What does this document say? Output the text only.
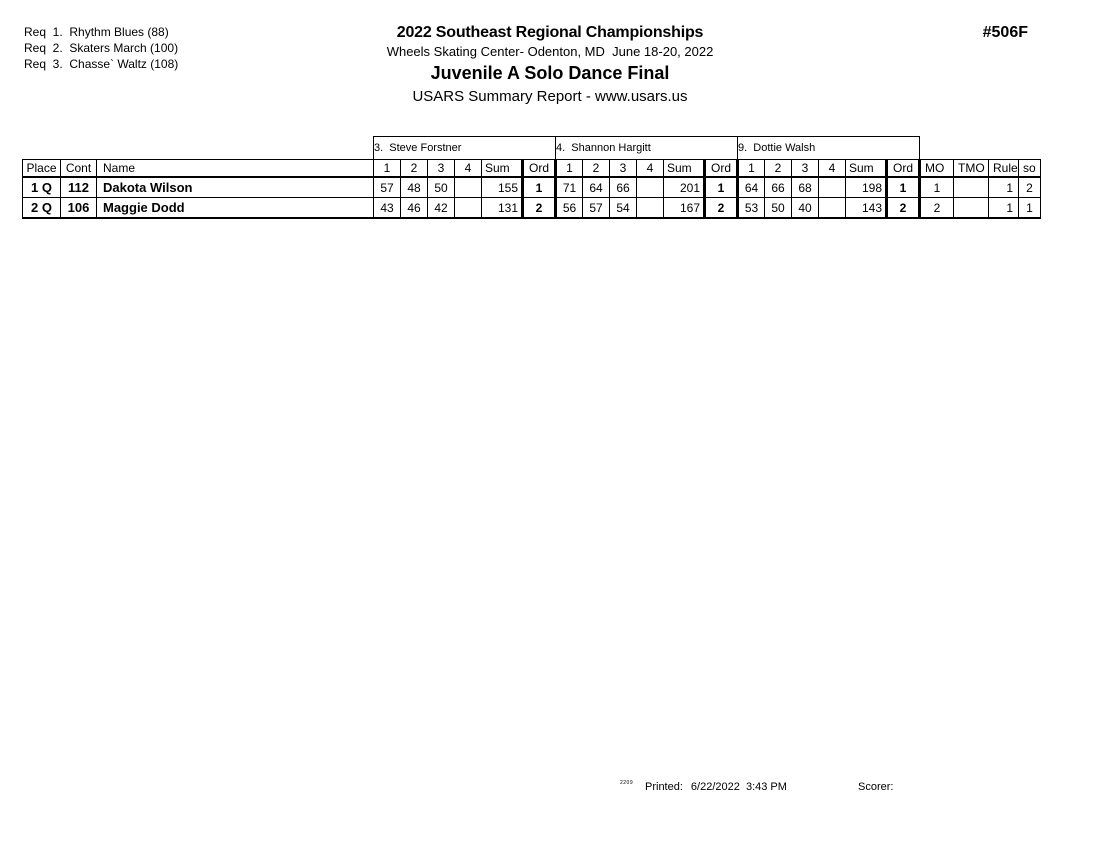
Req  1.  Rhythm Blues (88)
Req  2.  Skaters March (100)
Req  3.  Chasse` Waltz (108)
2022 Southeast Regional Championships
Wheels Skating Center- Odenton, MD  June 18-20, 2022
Juvenile A Solo Dance Final
USARS Summary Report - www.usars.us
#506F
			3.  Steve Forstner						4.  Shannon Hargitt						9.  Dottie Walsh									
Place	Cont	Name	1	2	3	4	Sum	Ord	1	2	3	4	Sum	Ord	1	2	3	4	Sum	Ord	MO	TMO	Rule	so
1 Q	112	Dakota Wilson	57	48	50		155	1	71	64	66		201	1	64	66	68		198	1	1		1	2
2 Q	106	Maggie Dodd	43	46	42		131	2	56	57	54		167	2	53	50	40		143	2	2		1	1
2209 Printed: 6/22/2022  3:43 PM	Scorer:
